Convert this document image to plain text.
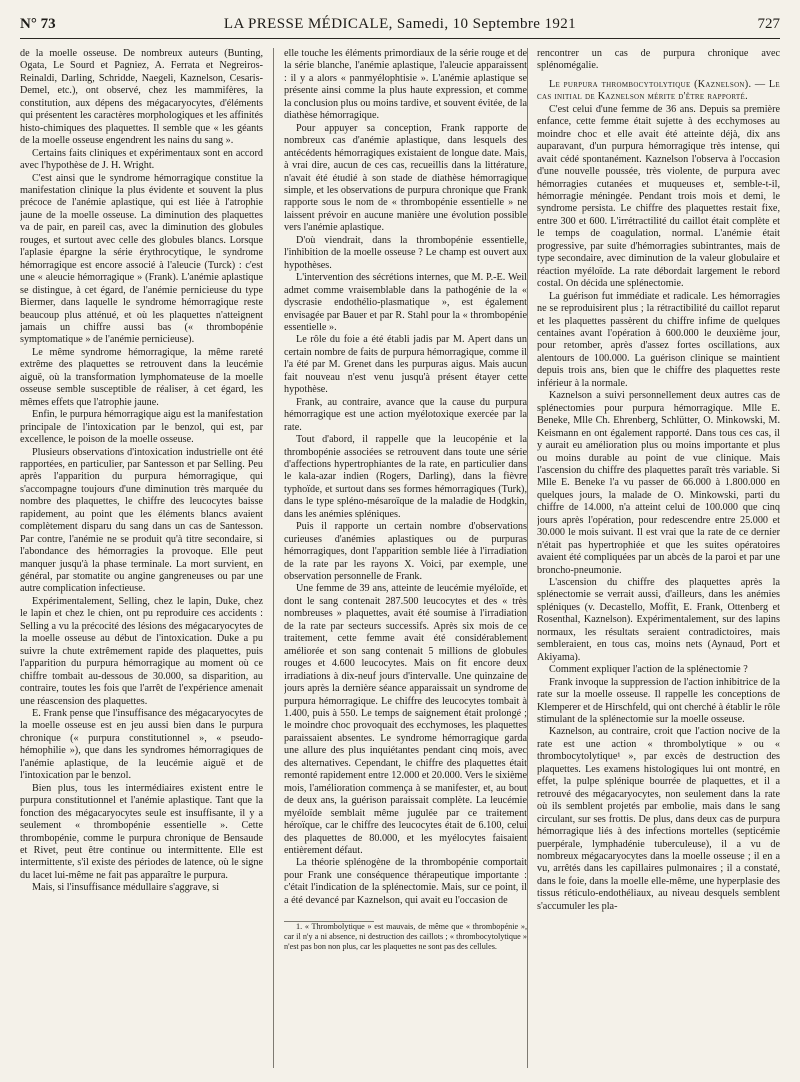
N° 73	LA PRESSE MÉDICALE, Samedi, 10 Septembre 1921	727

de la moelle osseuse. De nombreux auteurs (Bunting, Ogata, Le Sourd et Pagniez, A. Ferrata et Negreiros-Reinaldi, Darling, Schridde, Naegeli, Kaznelson, Cesaris-Demel, etc.), ont observé, chez les mammifères, la constitution, aux dépens des mégacaryocytes, d'éléments qui présentent les caractères morphologiques et les affinités histo-chimiques des plaquettes. Il semble que « les géants de la moelle osseuse engendrent les nains du sang ».

Certains faits cliniques et expérimentaux sont en accord avec l'hypothèse de J. H. Wright.

C'est ainsi que le syndrome hémorragique constitue la manifestation clinique la plus évidente et souvent la plus précoce de l'anémie aplastique, qui est liée à l'atrophie jaune de la moelle osseuse. La diminution des plaquettes va de pair, en pareil cas, avec la diminution des globules rouges, et surtout avec celle des globules blancs. Lorsque l'aplasie épargne la série érythrocytique, le syndrome hémorragique est encore associé à l'aleucie (Turck) : c'est une « aleucie hémorragique » (Frank). L'anémie aplastique se distingue, à cet égard, de l'anémie pernicieuse du type Biermer, dans laquelle le syndrome hémorragique reste beaucoup plus atténué, et où les plaquettes n'atteignent jamais un chiffre aussi bas (« thrombopénie symptomatique » de l'anémie pernicieuse).

Le même syndrome hémorragique, la même rareté extrême des plaquettes se retrouvent dans la leucémie aiguë, où la transformation lymphomateuse de la moelle osseuse semble susceptible de réaliser, à cet égard, les mêmes effets que l'atrophie jaune.

Enfin, le purpura hémorragique aigu est la manifestation principale de l'intoxication par le benzol, qui est, par excellence, le poison de la moelle osseuse.

Plusieurs observations d'intoxication industrielle ont été rapportées, en particulier, par Santesson et par Selling. Peu après l'apparition du purpura hémorragique, qui s'accompagne toujours d'une diminution très marquée du nombre des plaquettes, le chiffre des leucocytes baisse rapidement, au point que les éléments blancs avaient complètement disparu du sang dans un cas de Santesson. Par contre, l'anémie ne se produit qu'à titre secondaire, si l'abondance des hémorragies la provoque. Elle peut manquer jusqu'à la phase terminale. La mort survient, en général, par stomatite ou angine gangreneuses ou par une autre complication infectieuse.

Expérimentalement, Selling, chez le lapin, Duke, chez le lapin et chez le chien, ont pu reproduire ces accidents : Selling a vu la précocité des lésions des mégacaryocytes de la moelle osseuse au début de l'intoxication. Duke a pu suivre la chute extrêmement rapide des plaquettes, puis l'apparition du purpura hémorragique au moment où ce chiffre tombait au-dessous de 30.000, sa disparition, au contraire, toutes les fois que l'arrêt de l'expérience amenait une réascension des plaquettes.

E. Frank pense que l'insuffisance des mégacaryocytes de la moelle osseuse est en jeu aussi bien dans le purpura chronique (« purpura constitutionnel », « pseudo-hémophilie »), que dans les syndromes hémorragiques de l'anémie aplastique, de la leucémie aiguë et de l'intoxication par le benzol.

Bien plus, tous les intermédiaires existent entre le purpura constitutionnel et l'anémie aplastique. Tant que la fonction des mégacaryocytes seule est insuffisante, il y a seulement « thrombopénie essentielle ». Cette thrombopénie, comme le purpura chronique de Bensaude et Rivet, peut être continue ou intermittente. Elle est intermittente, s'il existe des périodes de latence, où le signe du lacet lui-même ne fait pas apparaître le purpura.

Mais, si l'insuffisance médullaire s'aggrave, si

elle touche les éléments primordiaux de la série rouge et de la série blanche, l'anémie aplastique, l'aleucie apparaissent : il y a alors « panmyélophtisie ». L'anémie aplastique se présente ainsi comme la plus haute expression, et comme la conclusion plus ou moins tardive, et souvent évitée, de la diathèse hémorragique.

Pour appuyer sa conception, Frank rapporte de nombreux cas d'anémie aplastique, dans lesquels des antécédents hémorragiques existaient de longue date. Mais, à vrai dire, aucun de ces cas, recueillis dans la littérature, n'avait été étudié à son stade de diathèse hémorragique simple, et les observations de purpura chronique que Frank rapporte sous le nom de « thrombopénie essentielle » ne laissent prévoir en aucune manière une évolution possible vers l'anémie aplastique.

D'où viendrait, dans la thrombopénie essentielle, l'inhibition de la moelle osseuse ? Le champ est ouvert aux hypothèses.

L'intervention des sécrétions internes, que M. P.-E. Weil admet comme vraisemblable dans la pathogénie de la « dyscrasie endothélio-plasmatique », est également envisagée par Bauer et par R. Stahl pour la « thrombopénie essentielle ».

Le rôle du foie a été établi jadis par M. Apert dans un certain nombre de faits de purpura hémorragique, comme il l'a été par M. Grenet dans les purpuras aigus. Mais aucun fait nouveau n'est venu jusqu'à présent étayer cette hypothèse.

Frank, au contraire, avance que la cause du purpura hémorragique est une action myélotoxique exercée par la rate.

Tout d'abord, il rappelle que la leucopénie et la thrombopénie associées se retrouvent dans toute une série d'affections hypertrophiantes de la rate, en particulier dans le kala-azar indien (Rogers, Darling), dans la fièvre typhoïde, et surtout dans ses formes hémorragiques (Turk), dans le type spléno-mésaroïque de la maladie de Hodgkin, dans les anémies spléniques.

Puis il rapporte un certain nombre d'observations curieuses d'anémies aplastiques ou de purpuras hémorragiques, dont l'apparition semble liée à l'irradiation de la rate par les rayons X. Voici, par exemple, une observation personnelle de Frank.

Une femme de 39 ans, atteinte de leucémie myéloïde, et dont le sang contenait 287.500 leucocytes et des « très nombreuses » plaquettes, avait été soumise à l'irradiation de la rate par secteurs successifs. Après six mois de ce traitement, cette femme avait été considérablement améliorée et son sang contenait 5 millions de globules rouges et 4.600 leucocytes. Mais on fit encore deux irradiations à dix-neuf jours d'intervalle. Une quinzaine de jours après la dernière séance apparaissait un syndrome de purpura hémorragique. Le chiffre des leucocytes tombait à 1.400, puis à 550. Le temps de saignement était prolongé ; le moindre choc provoquait des ecchymoses, les plaquettes paraissaient absentes. Le syndrome hémorragique garda une allure des plus inquiétantes pendant cinq mois, avec des alternatives. Cependant, le chiffre des plaquettes était remonté rapidement entre 12.000 et 20.000. Vers le sixième mois, l'amélioration commença à se manifester, et, au bout de deux ans, la guérison paraissait complète. La leucémie myéloïde semblait même jugulée par ce traitement héroïque, car le chiffre des leucocytes était de 6.100, celui des plaquettes de 80.000, et les myélocytes faisaient entièrement défaut.

La théorie splénogène de la thrombopénie comportait pour Frank une conséquence thérapeutique importante : c'était l'indication de la splénectomie. Mais, sur ce point, il a été devancé par Kaznelson, qui avait eu l'occasion de

1. « Thrombolytique » est mauvais, de même que « thrombopénie », car il n'y a ni absence, ni destruction des caillots ; « thrombocytolytique » n'est pas bon non plus, car les plaquettes ne sont pas des cellules.

rencontrer un cas de purpura chronique avec splénomégalie.

Le purpura thrombocytolytique (Kaznelson). — Le cas initial de Kaznelson mérite d'être rapporté.

C'est celui d'une femme de 36 ans. Depuis sa première enfance, cette femme était sujette à des ecchymoses au moindre choc et elle avait été atteinte déjà, dix ans auparavant, d'un purpura hémorragique très intense, qui avait cédé spontanément. Kaznelson l'observa à l'occasion d'une nouvelle poussée, très violente, de purpura avec hémorragies cutanées et muqueuses et, semble-t-il, hémorragie méningée. Pendant trois mois et demi, le syndrome persista. Le chiffre des plaquettes restait fixe, entre 300 et 600. L'irrétractilité du caillot était complète et le temps de coagulation, normal. L'anémie était progressive, par suite d'hémorragies subintrantes, mais de type secondaire, avec diminution de la valeur globulaire et réaction myéloïde. La rate débordait largement le rebord costal. On décida une splénectomie.

La guérison fut immédiate et radicale. Les hémorragies ne se reproduisirent plus ; la rétractibilité du caillot reparut et les plaquettes passèrent du chiffre infime de quelques centaines avant l'opération à 600.000 le deuxième jour, pour retomber, après d'assez fortes oscillations, aux alentours de 100.000. La guérison clinique se maintient depuis trois ans, bien que le chiffre des plaquettes reste inférieur à la normale.

Kaznelson a suivi personnellement deux autres cas de splénectomies pour purpura hémorragique. Mlle E. Beneke, Mlle Ch. Ehrenberg, Schlütter, O. Minkowski, M. Keismann en ont également rapporté. Dans tous ces cas, il y aurait eu amélioration plus ou moins importante et plus ou moins durable au point de vue clinique. Mais l'ascension du chiffre des plaquettes paraît très variable. Si Mlle E. Beneke l'a vu passer de 66.000 à 1.800.000 en quelques jours, la malade de O. Minkowski, parti du chiffre de 14.000, n'a atteint celui de 100.000 que cinq jours après l'opération, pour redescendre entre 25.000 et 30.000 le mois suivant. Il est vrai que la rate de ce dernier n'était pas hypertrophiée et que les suites opératoires avaient été compliquées par un abcès de la paroi et par une broncho-pneumonie.

L'ascension du chiffre des plaquettes après la splénectomie se verrait aussi, d'ailleurs, dans les anémies spléniques (v. Decastello, Moffit, E. Frank, Ottenberg et Rosenthal, Kaznelson). Expérimentalement, sur des lapins normaux, les résultats seraient contradictoires, mais sembleraient, en tous cas, moins nets (Aynaud, Port et Akiyama).

Comment expliquer l'action de la splénectomie ?

Frank invoque la suppression de l'action inhibitrice de la rate sur la moelle osseuse. Il rappelle les conceptions de Klemperer et de Hirschfeld, qui ont cherché à établir le rôle stimulant de la splénectomie sur la moelle osseuse.

Kaznelson, au contraire, croit que l'action nocive de la rate est une action « thrombolytique » ou « thrombocytolytique¹ », par excès de destruction des plaquettes. Les examens histologiques lui ont montré, en effet, la pulpe splénique bourrée de plaquettes, et il a retrouvé des mégacaryocytes, non seulement dans la rate où ils semblent projetés par embolie, mais dans le sang circulant, sur ses frottis. De plus, dans deux cas de purpura hémorragique liés à des infections mortelles (septicémie puerpérale, lymphadénie tuberculeuse), il a vu de nombreux mégacaryocytes dans la moelle osseuse ; il en a vu, arrêtés dans les capillaires pulmonaires ; il a constaté, dans le foie, dans la moelle elle-même, une hyperplasie des tissus réticulo-endothéliaux, au niveau desquels semblent s'accumuler les pla-
